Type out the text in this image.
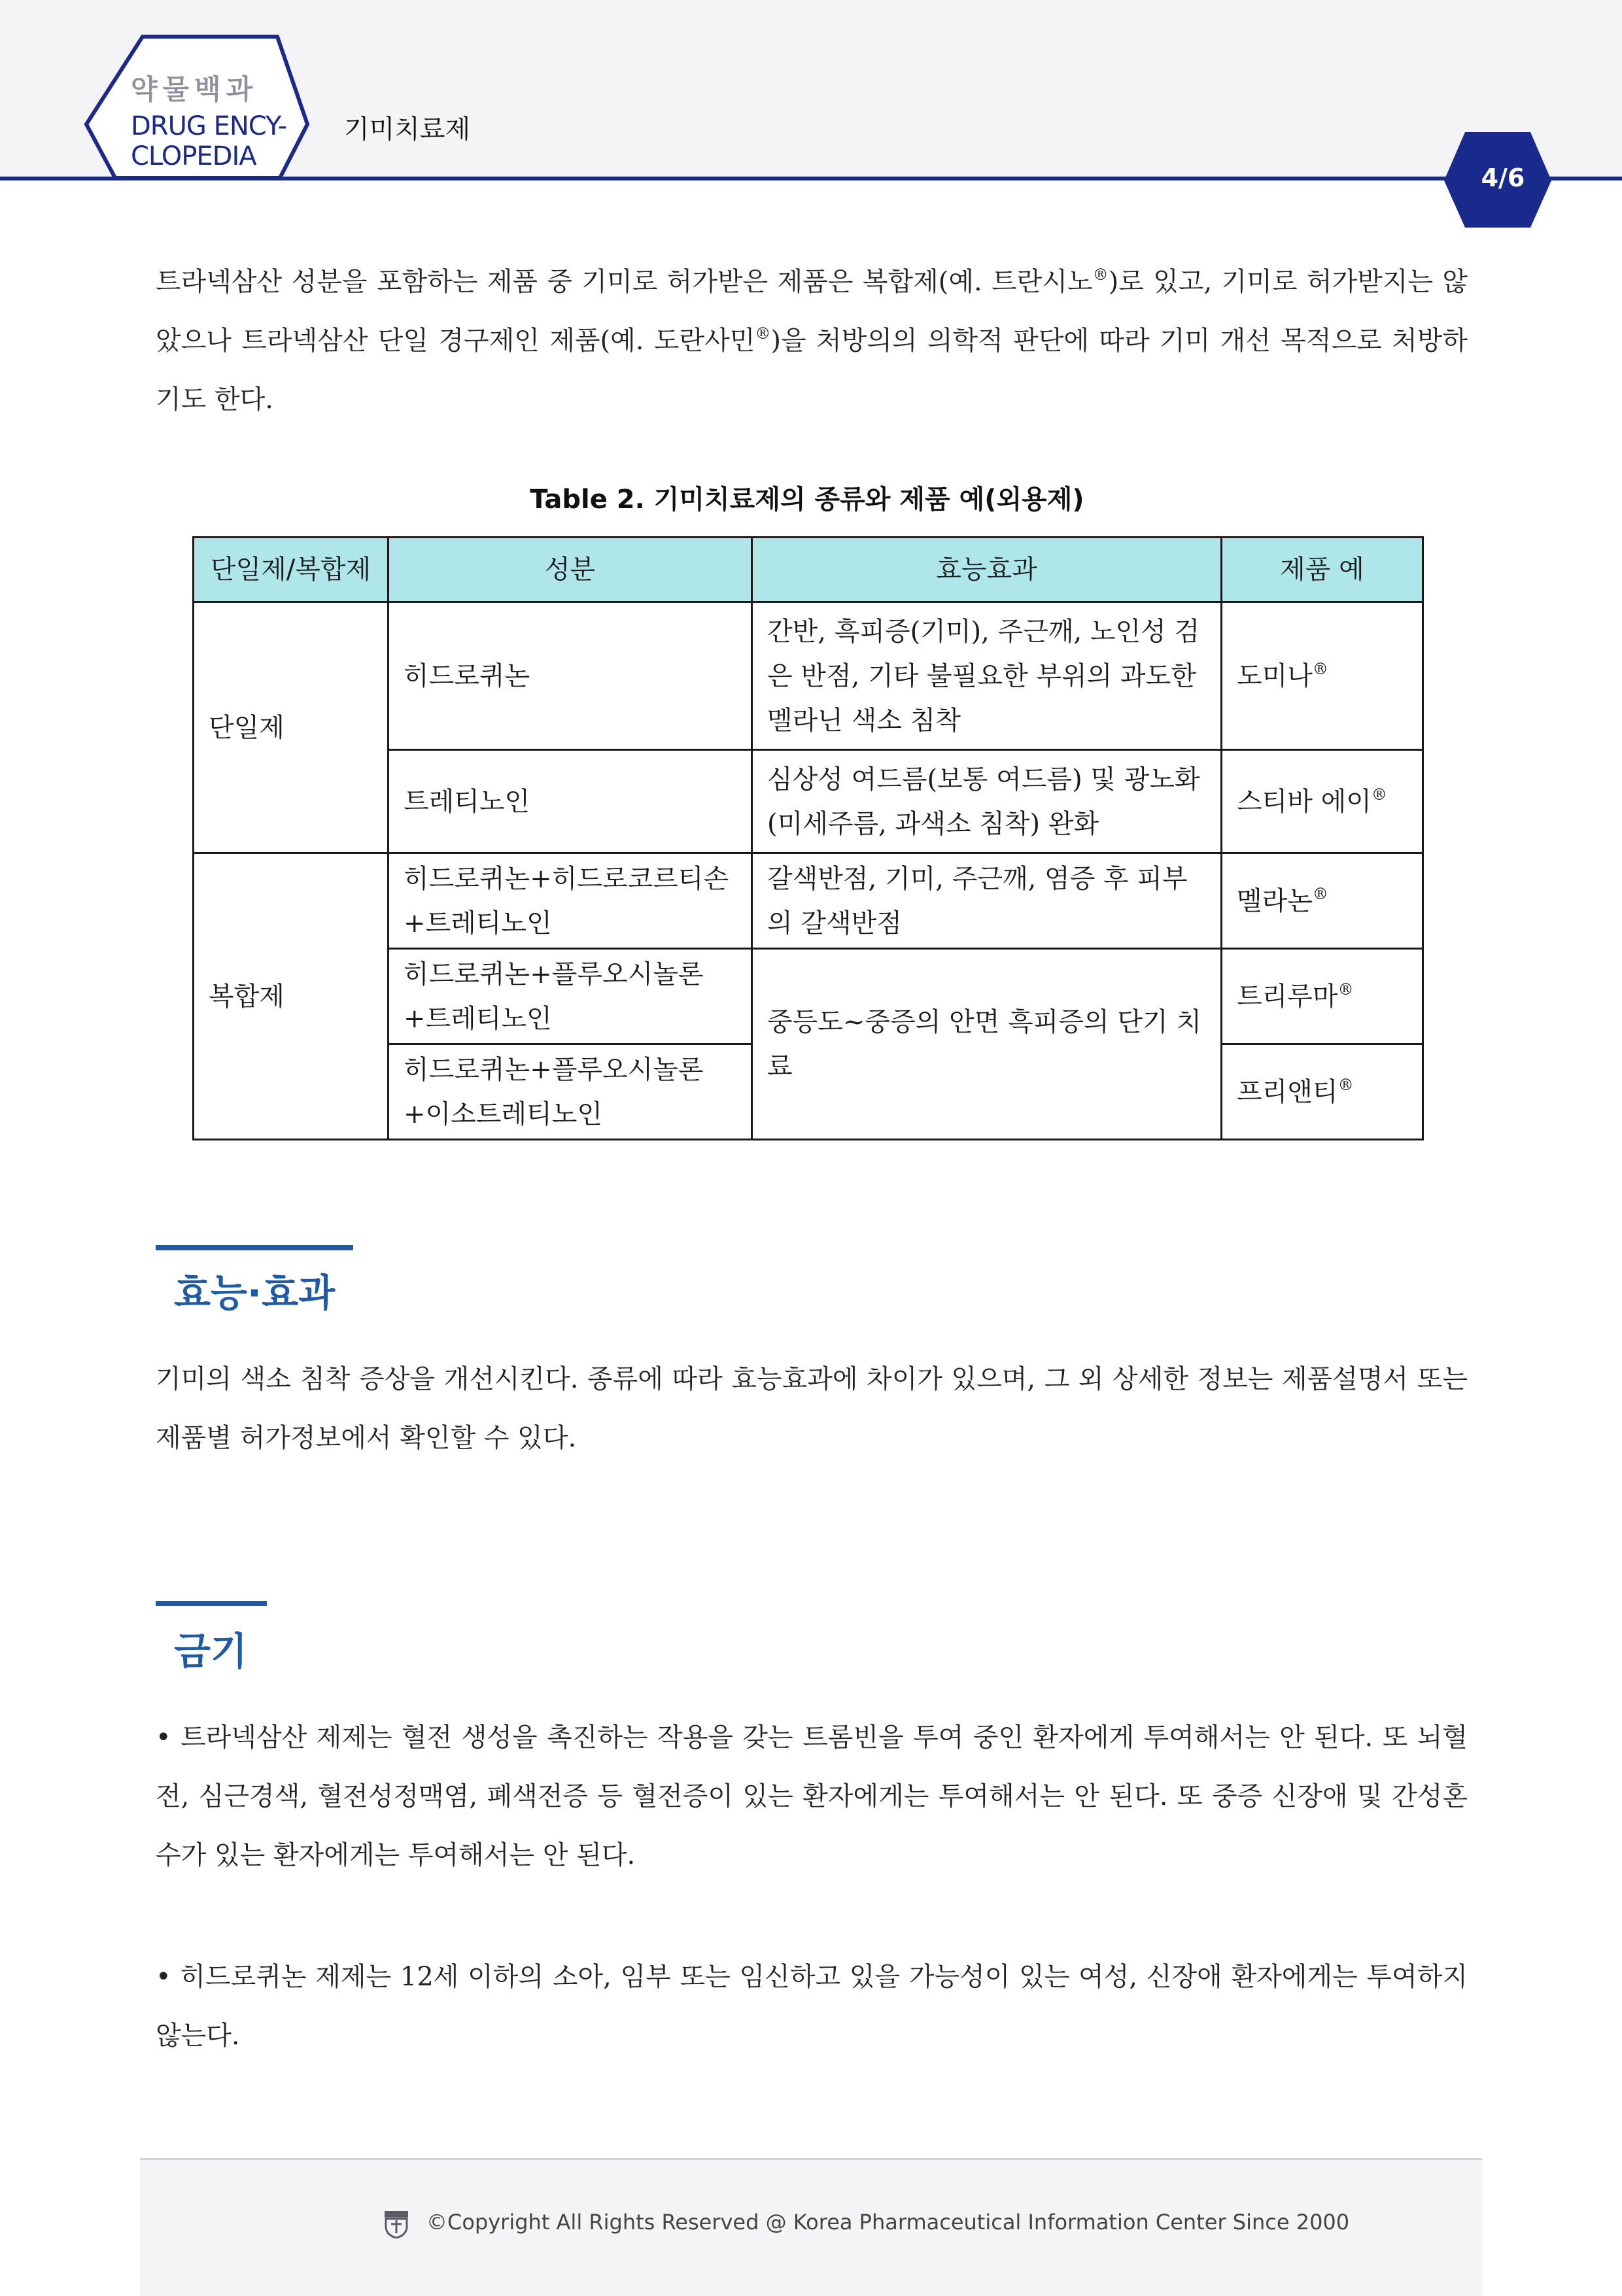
약물백과
DRUG ENCY-
CLOPEDIA
기미치료제
4/6
트라넥삼산 성분을 포함하는 제품 중 기미로 허가받은 제품은 복합제(예. 트란시노®)로 있고, 기미로 허가받지는 않았으나 트라넥삼산 단일 경구제인 제품(예. 도란사민®)을 처방의의 의학적 판단에 따라 기미 개선 목적으로 처방하기도 한다.
Table 2. 기미치료제의 종류와 제품 예(외용제)
단일제/복합제	성분	효능효과	제품 예
단일제	히드로퀴논	간반, 흑피증(기미), 주근깨, 노인성 검은 반점, 기타 불필요한 부위의 과도한 멜라닌 색소 침착	도미나®
	트레티노인	심상성 여드름(보통 여드름) 및 광노화(미세주름, 과색소 침착) 완화	스티바 에이®
복합제	히드로퀴논+히드로코르티손+트레티노인	갈색반점, 기미, 주근깨, 염증 후 피부의 갈색반점	멜라논®
	히드로퀴논+플루오시놀론+트레티노인	중등도~중증의 안면 흑피증의 단기 치료	트리루마®
	히드로퀴논+플루오시놀론+이소트레티노인		프리앤티®
효능·효과
기미의 색소 침착 증상을 개선시킨다. 종류에 따라 효능효과에 차이가 있으며, 그 외 상세한 정보는 제품설명서 또는 제품별 허가정보에서 확인할 수 있다.
금기
• 트라넥삼산 제제는 혈전 생성을 촉진하는 작용을 갖는 트롬빈을 투여 중인 환자에게 투여해서는 안 된다. 또 뇌혈전, 심근경색, 혈전성정맥염, 폐색전증 등 혈전증이 있는 환자에게는 투여해서는 안 된다. 또 중증 신장애 및 간성혼수가 있는 환자에게는 투여해서는 안 된다.
• 히드로퀴논 제제는 12세 이하의 소아, 임부 또는 임신하고 있을 가능성이 있는 여성, 신장애 환자에게는 투여하지 않는다.
©Copyright All Rights Reserved @ Korea Pharmaceutical Information Center Since 2000
